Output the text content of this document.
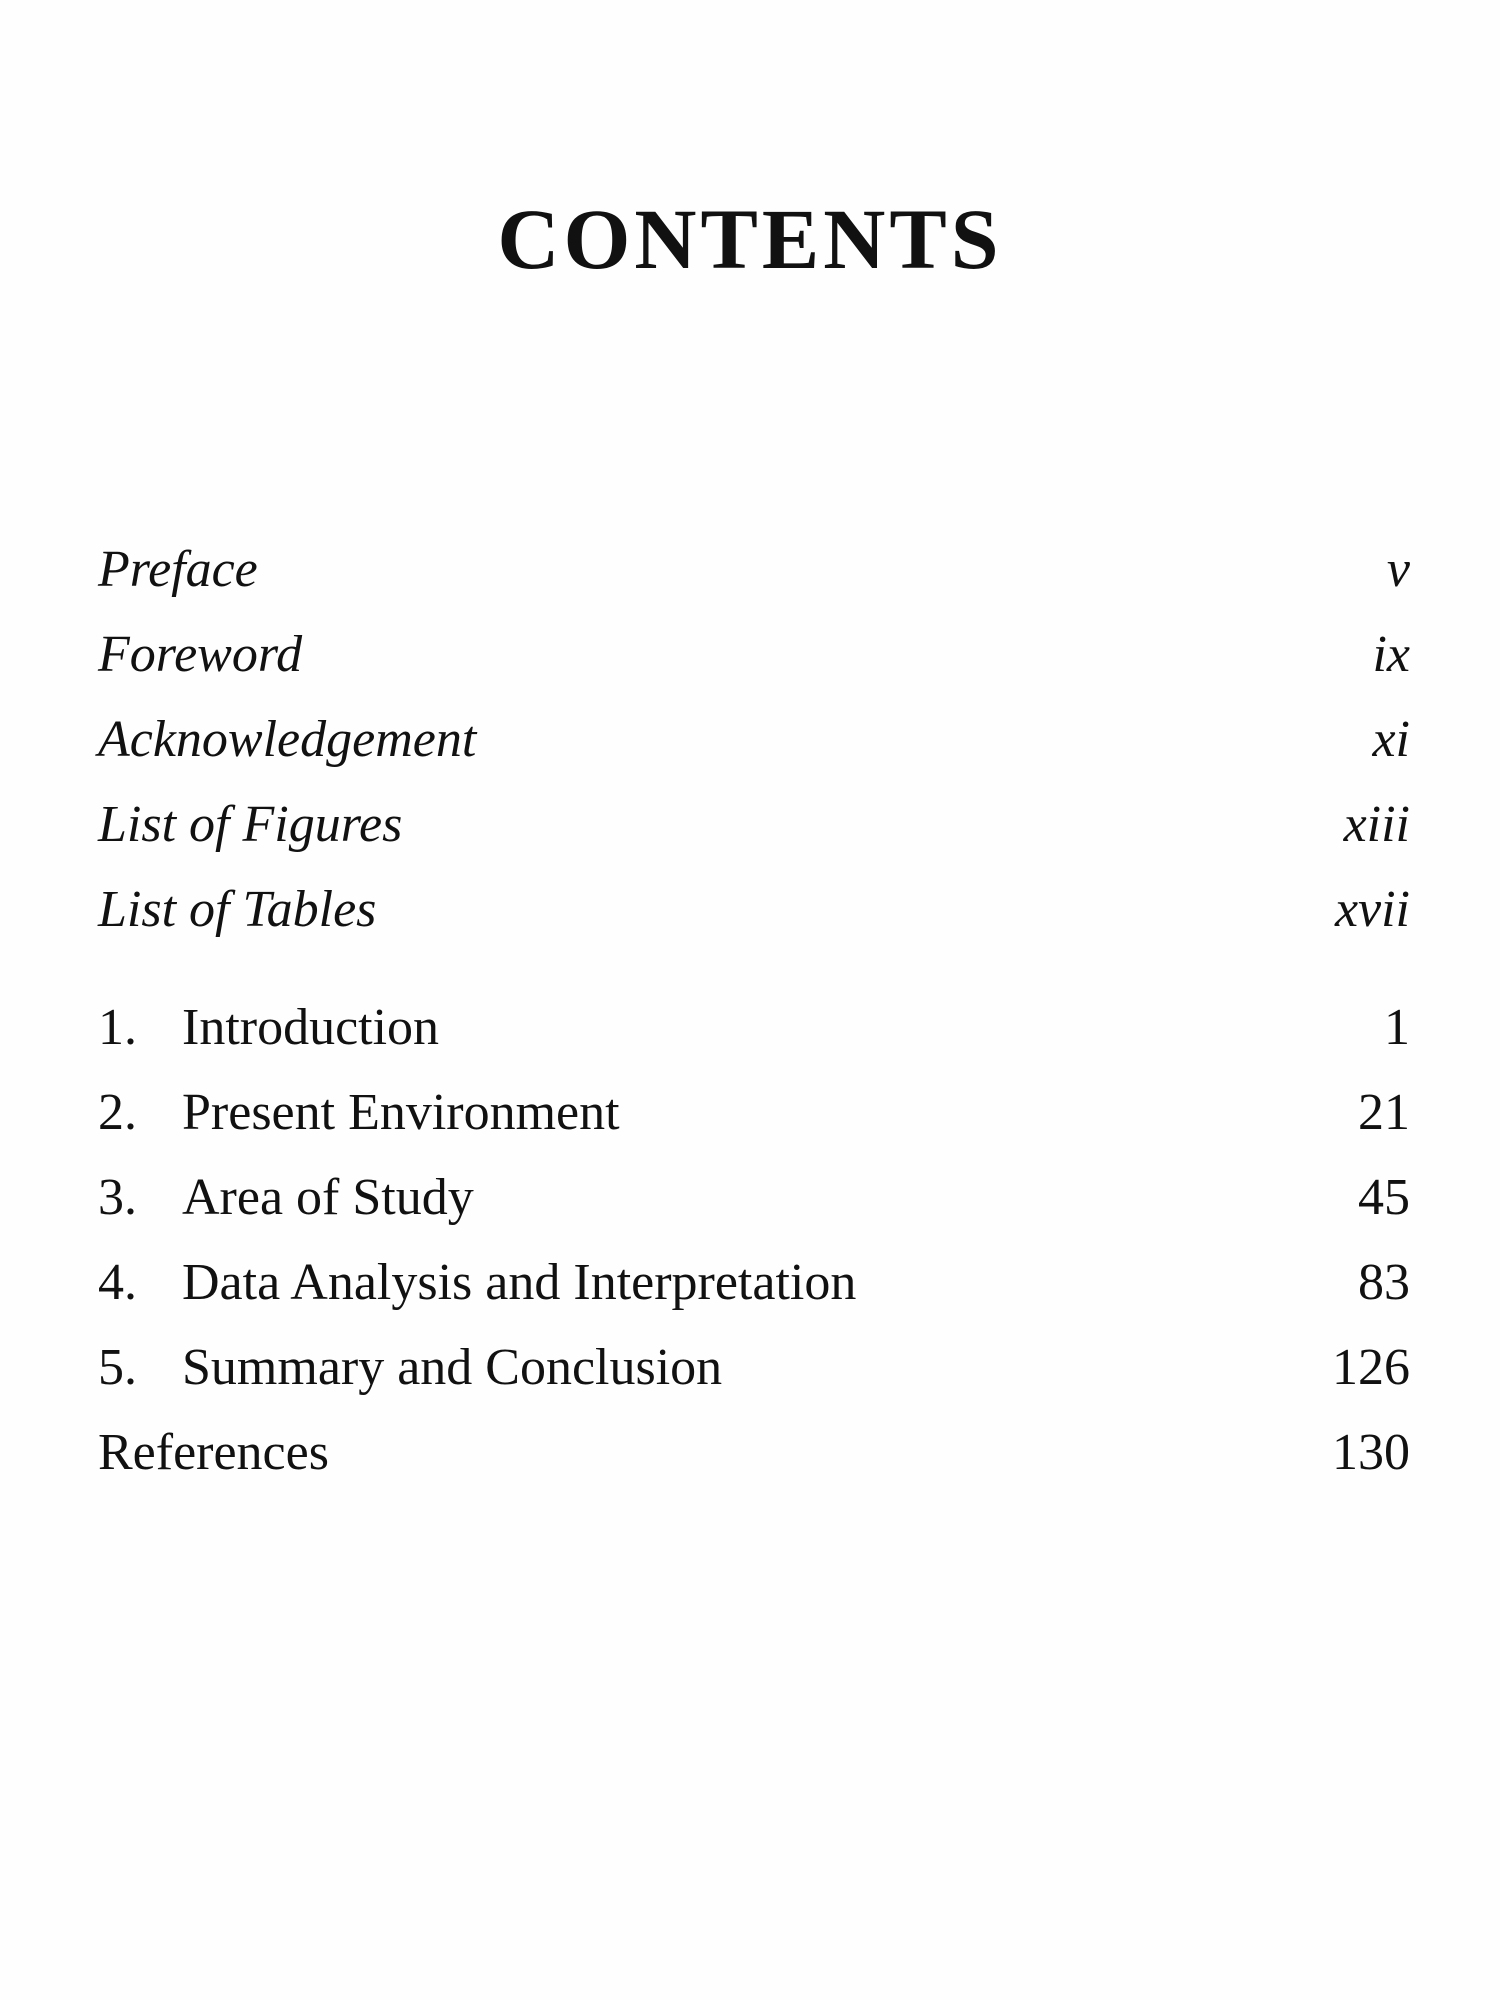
CONTENTS
Preface	v
Foreword	ix
Acknowledgement	xi
List of Figures	xiii
List of Tables	xvii
1. Introduction	1
2. Present Environment	21
3. Area of Study	45
4. Data Analysis and Interpretation	83
5. Summary and Conclusion	126
References	130
